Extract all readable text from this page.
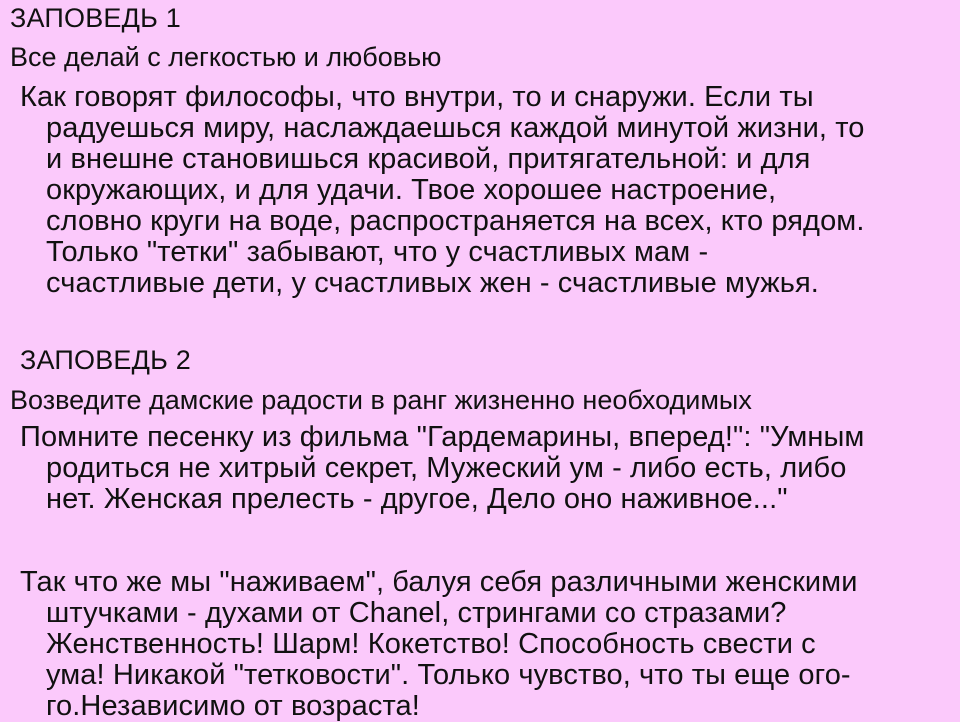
ЗАПОВЕДЬ 1

Все делай с легкостью и любовью

Как говорят философы, что внутри, то и снаружи. Если ты
радуешься миру, наслаждаешься каждой минутой жизни, то
и внешне становишься красивой, притягательной: и для
окружающих, и для удачи. Твое хорошее настроение,
словно круги на воде, распространяется на всех, кто рядом.
Только "тетки" забывают, что у счастливых мам -
счастливые дети, у счастливых жен - счастливые мужья.

ЗАПОВЕДЬ 2

Возведите дамские радости в ранг жизненно необходимых

Помните песенку из фильма "Гардемарины, вперед!": "Умным
родиться не хитрый секрет, Мужеский ум - либо есть, либо
нет. Женская прелесть - другое, Дело оно наживное..."
Так что же мы "наживаем", балуя себя различными женскими
штучками - духами от Chanel, стрингами со стразами?
Женственность! Шарм! Кокетство! Способность свести с
ума! Никакой "тетковости". Только чувство, что ты еще ого-
го.Независимо от возраста!
